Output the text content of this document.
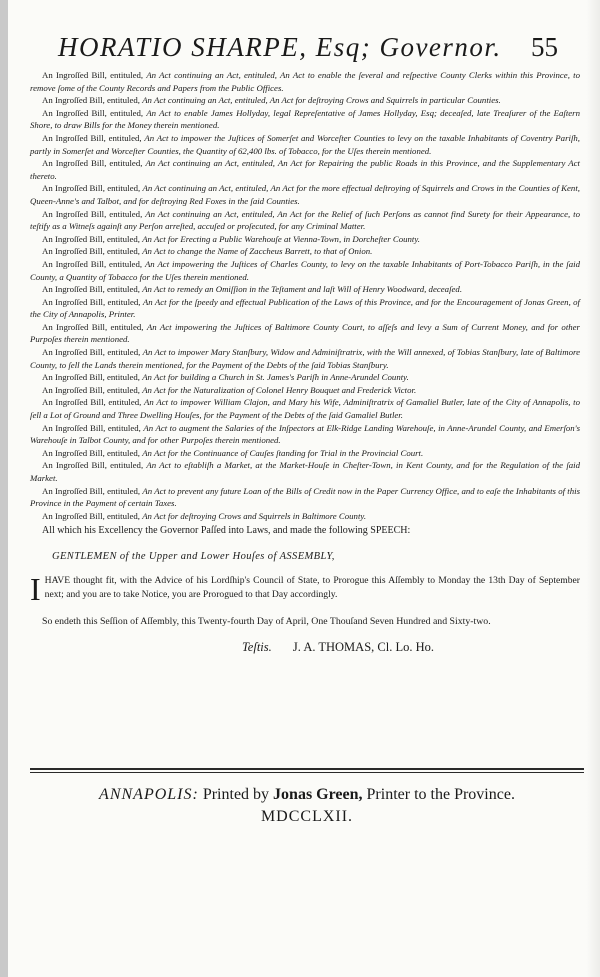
HORATIO SHARPE, Esq; Governor. 55

An Ingroſſed Bill, entituled, An Act continuing an Act, entituled, An Act to enable the ſeveral and reſpective County Clerks within this Province, to remove ſome of the County Records and Papers from the Public Offices.

An Ingroſſed Bill, entituled, An Act continuing an Act, entituled, An Act for deſtroying Crows and Squirrels in particular Counties.

An Ingroſſed Bill, entituled, An Act to enable James Hollyday, legal Repreſentative of James Hollyday, Esq; deceaſed, late Treaſurer of the Eaſtern Shore, to draw Bills for the Money therein mentioned.

An Ingroſſed Bill, entituled, An Act to impower the Juſtices of Somerſet and Worceſter Counties to levy on the taxable Inhabitants of Coventry Pariſh, partly in Somerſet and Worceſter Counties, the Quantity of 62,400 lbs. of Tobacco, for the Uſes therein mentioned.

An Ingroſſed Bill, entituled, An Act continuing an Act, entituled, An Act for Repairing the public Roads in this Province, and the Supplementary Act thereto.

An Ingroſſed Bill, entituled, An Act continuing an Act, entituled, An Act for the more effectual deſtroying of Squirrels and Crows in the Counties of Kent, Queen-Anne's and Talbot, and for deſtroying Red Foxes in the ſaid Counties.

An Ingroſſed Bill, entituled, An Act continuing an Act, entituled, An Act for the Relief of ſuch Perſons as cannot find Surety for their Appearance, to teſtify as a Witneſs againſt any Perſon arreſted, accuſed or proſecuted, for any Criminal Matter.

An Ingroſſed Bill, entituled, An Act for Erecting a Public Warehouſe at Vienna-Town, in Dorcheſter County.

An Ingroſſed Bill, entituled, An Act to change the Name of Zaccheus Barrett, to that of Onion.

An Ingroſſed Bill, entituled, An Act impowering the Juſtices of Charles County, to levy on the taxable Inhabitants of Port-Tobacco Pariſh, in the ſaid County, a Quantity of Tobacco for the Uſes therein mentioned.

An Ingroſſed Bill, entituled, An Act to remedy an Omiſſion in the Teſtament and laſt Will of Henry Woodward, deceaſed.

An Ingroſſed Bill, entituled, An Act for the ſpeedy and effectual Publication of the Laws of this Province, and for the Encouragement of Jonas Green, of the City of Annapolis, Printer.

An Ingroſſed Bill, entituled, An Act impowering the Juſtices of Baltimore County Court, to aſſeſs and levy a Sum of Current Money, and for other Purpoſes therein mentioned.

An Ingroſſed Bill, entituled, An Act to impower Mary Stanſbury, Widow and Adminiſtratrix, with the Will annexed, of Tobias Stanſbury, late of Baltimore County, to ſell the Lands therein mentioned, for the Payment of the Debts of the ſaid Tobias Stanſbury.

An Ingroſſed Bill, entituled, An Act for building a Church in St. James's Pariſh in Anne-Arundel County.

An Ingroſſed Bill, entituled, An Act for the Naturalization of Colonel Henry Bouquet and Frederick Victor.

An Ingroſſed Bill, entituled, An Act to impower William Clajon, and Mary his Wife, Adminiſtratrix of Gamaliel Butler, late of the City of Annapolis, to ſell a Lot of Ground and Three Dwelling Houſes, for the Payment of the Debts of the ſaid Gamaliel Butler.

An Ingroſſed Bill, entituled, An Act to augment the Salaries of the Inſpectors at Elk-Ridge Landing Warehouſe, in Anne-Arundel County, and Emerſon's Warehouſe in Talbot County, and for other Purpoſes therein mentioned.

An Ingroſſed Bill, entituled, An Act for the Continuance of Cauſes ſtanding for Trial in the Provincial Court.

An Ingroſſed Bill, entituled, An Act to eſtabliſh a Market, at the Market-Houſe in Cheſter-Town, in Kent County, and for the Regulation of the ſaid Market.

An Ingroſſed Bill, entituled, An Act to prevent any future Loan of the Bills of Credit now in the Paper Currency Office, and to eaſe the Inhabitants of this Province in the Payment of certain Taxes.

An Ingroſſed Bill, entituled, An Act for deſtroying Crows and Squirrels in Baltimore County.

All which his Excellency the Governor Paſſed into Laws, and made the following SPEECH:

GENTLEMEN of the Upper and Lower Houſes of ASSEMBLY,

I HAVE thought fit, with the Advice of his Lordſhip's Council of State, to Prorogue this Aſſembly to Monday the 13th Day of September next; and you are to take Notice, you are Prorogued to that Day accordingly.

So endeth this Seſſion of Aſſembly, this Twenty-fourth Day of April, One Thouſand Seven Hundred and Sixty-two.

Teſtis. J. A. THOMAS, Cl. Lo. Ho.

ANNAPOLIS: Printed by Jonas Green, Printer to the Province.
MDCCLXII.
